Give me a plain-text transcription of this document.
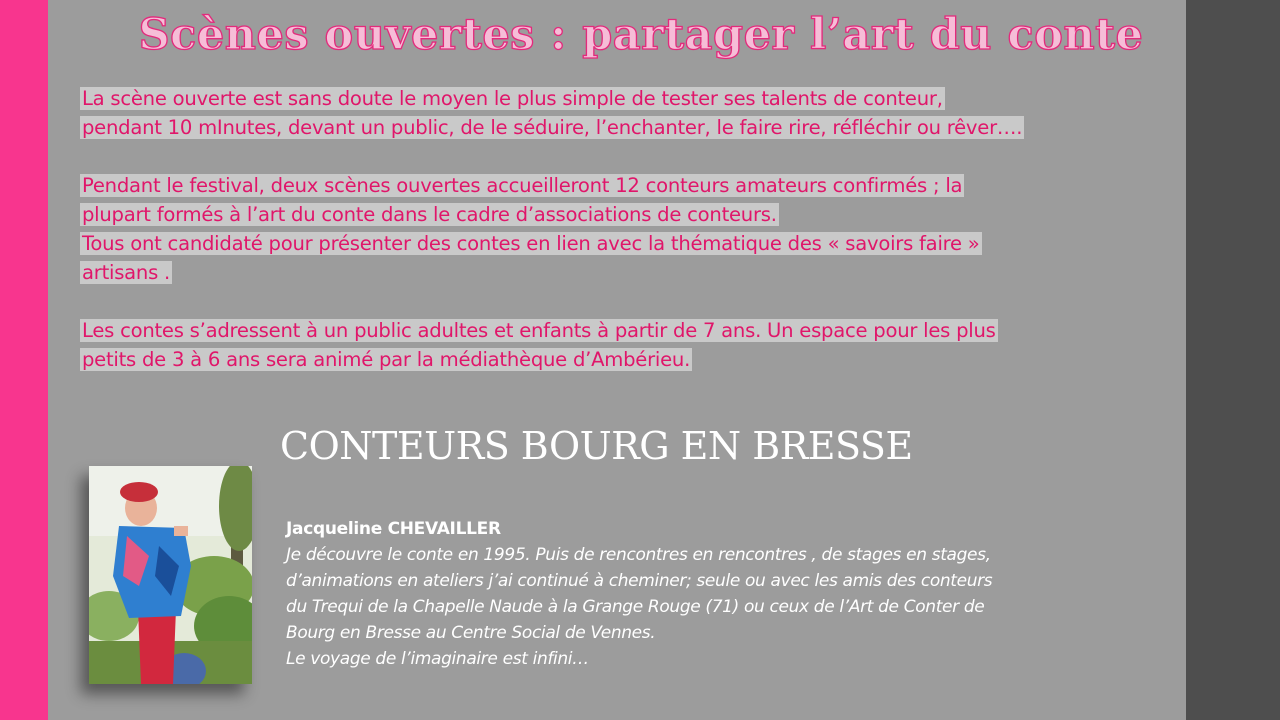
Scènes ouvertes : partager l’art du conte

La scène ouverte est sans doute le moyen le plus simple de tester ses talents de conteur,
pendant 10 mInutes, devant un public, de le séduire, l’enchanter, le faire rire, réfléchir ou rêver….

Pendant le festival, deux scènes ouvertes accueilleront 12 conteurs amateurs confirmés ; la
plupart formés à l’art du conte dans le cadre d’associations de conteurs.
Tous ont candidaté pour présenter des contes en lien avec la thématique des « savoirs faire »
artisans .

Les contes s’adressent à un public adultes et enfants à partir de 7 ans. Un espace pour les plus
petits de 3 à 6 ans sera animé par la médiathèque d’Ambérieu.

CONTEURS BOURG EN BRESSE

Jacqueline CHEVAILLER

Je découvre le conte en 1995. Puis de rencontres en rencontres , de stages en stages,
d’animations en ateliers j’ai continué à cheminer; seule ou avec les amis des conteurs
du Trequi de la Chapelle Naude à la Grange Rouge (71) ou ceux de l’Art de Conter de
Bourg en Bresse au Centre Social de Vennes.
Le voyage de l’imaginaire est infini…
